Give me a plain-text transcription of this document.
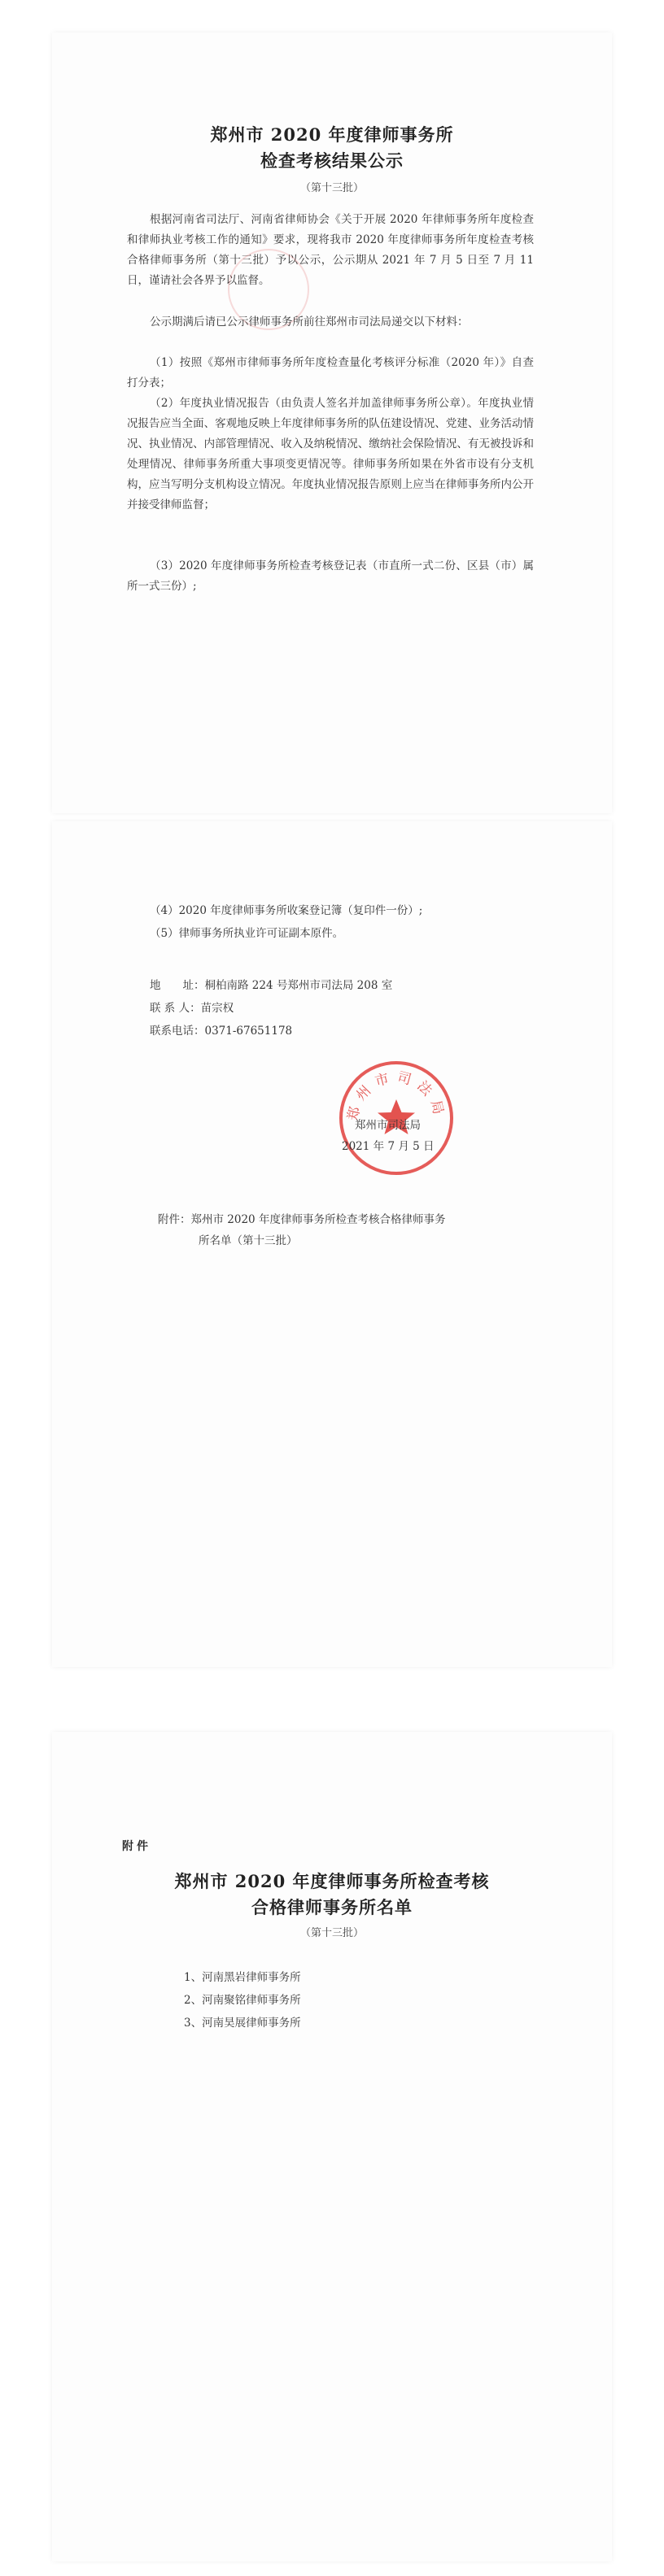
郑州市 2020 年度律师事务所
检查考核结果公示

（第十三批）

根据河南省司法厅、河南省律师协会《关于开展 2020 年律师事务所年度检查和律师执业考核工作的通知》要求，现将我市 2020 年度律师事务所年度检查考核合格律师事务所（第十三批）予以公示，公示期从 2021 年 7 月 5 日至 7 月 11 日，谨请社会各界予以监督。

公示期满后请已公示律师事务所前往郑州市司法局递交以下材料：

（1）按照《郑州市律师事务所年度检查量化考核评分标准（2020 年）》自查打分表；

（2）年度执业情况报告（由负责人签名并加盖律师事务所公章）。年度执业情况报告应当全面、客观地反映上年度律师事务所的队伍建设情况、党建、业务活动情况、执业情况、内部管理情况、收入及纳税情况、缴纳社会保险情况、有无被投诉和处理情况、律师事务所重大事项变更情况等。律师事务所如果在外省市设有分支机构，应当写明分支机构设立情况。年度执业情况报告原则上应当在律师事务所内公开并接受律师监督；

（3）2020 年度律师事务所检查考核登记表（市直所一式二份、区县（市）属所一式三份）;

（4）2020 年度律师事务所收案登记簿（复印件一份）;

（5）律师事务所执业许可证副本原件。

地　　址：桐柏南路 224 号郑州市司法局 208 室

联 系 人：苗宗权

联系电话：0371-67651178

郑州市司法局

郑州市司法局

2021 年 7 月 5 日

附件：郑州市 2020 年度律师事务所检查考核合格律师事务

所名单（第十三批）

附件

郑州市 2020 年度律师事务所检查考核
合格律师事务所名单

（第十三批）

1、河南黑岩律师事务所

2、河南聚铭律师事务所

3、河南昊展律师事务所
